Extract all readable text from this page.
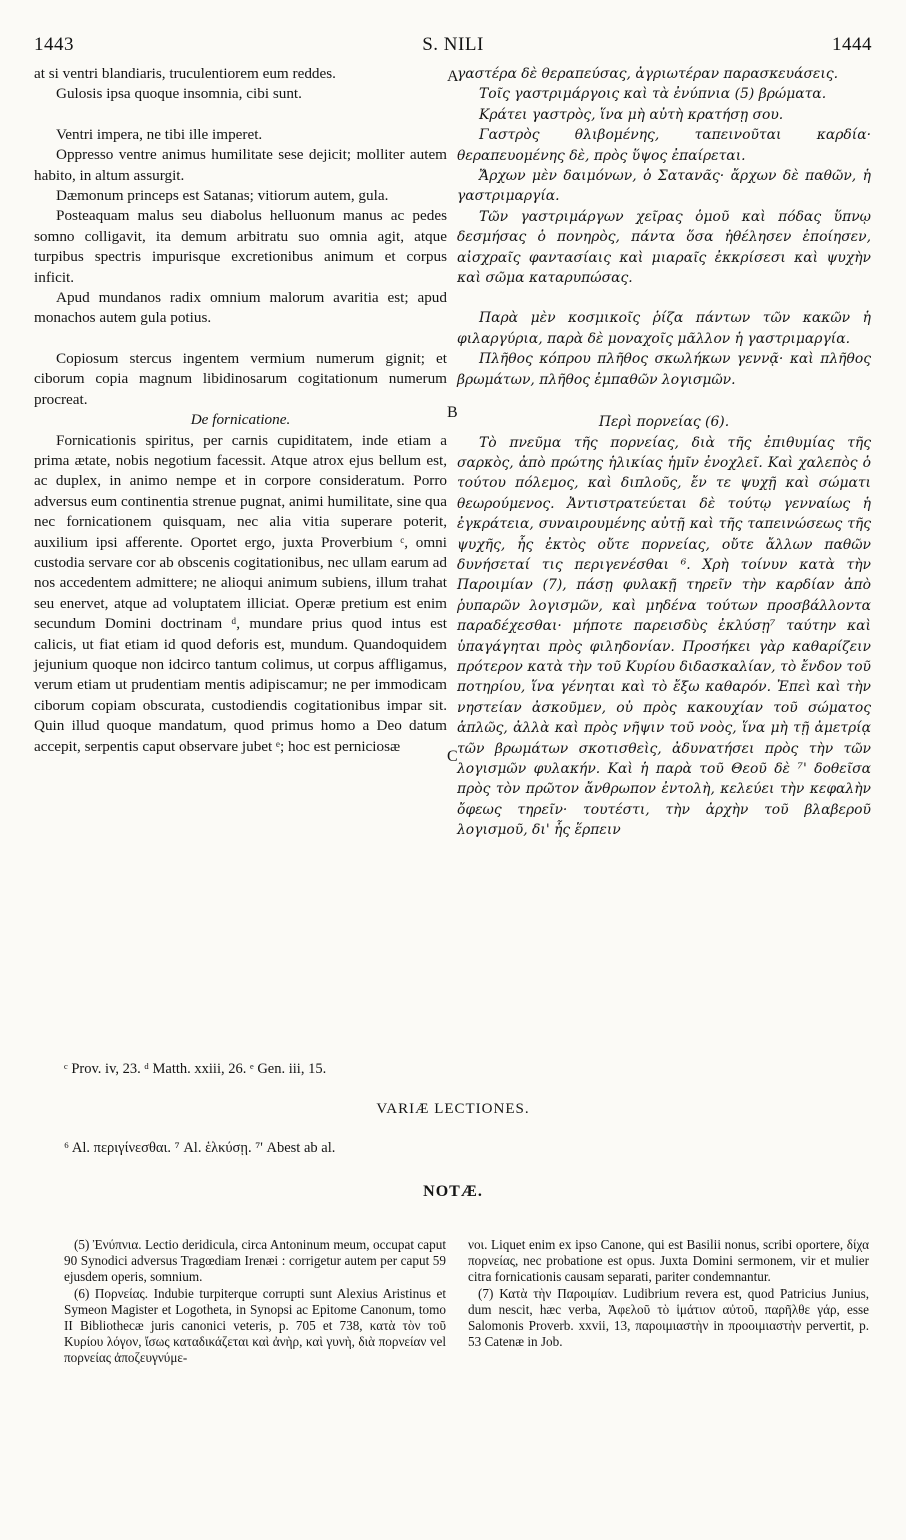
1443	S. NILI	1444
A
B
C

at si ventri blandiaris, truculentiorem eum reddes.

Gulosis ipsa quoque insomnia, cibi sunt.

Ventri impera, ne tibi ille imperet.

Oppresso ventre animus humilitate sese dejicit; molliter autem habito, in altum assurgit.

Dæmonum princeps est Satanas; vitiorum autem, gula.

Posteaquam malus seu diabolus helluonum manus ac pedes somno colligavit, ita demum arbitratu suo omnia agit, atque turpibus spectris impurisque excretionibus animum et corpus inficit.

Apud mundanos radix omnium malorum avaritia est; apud monachos autem gula potius.

Copiosum stercus ingentem vermium numerum gignit; et ciborum copia magnum libidinosarum cogitationum numerum procreat.

De fornicatione.

Fornicationis spiritus, per carnis cupiditatem, inde etiam a prima ætate, nobis negotium facessit. Atque atrox ejus bellum est, ac duplex, in animo nempe et in corpore consideratum. Porro adversus eum continentia strenue pugnat, animi humilitate, sine qua nec fornicationem quisquam, nec alia vitia superare poterit, auxilium ipsi afferente. Oportet ergo, juxta Proverbium ᶜ, omni custodia servare cor ab obscenis cogitationibus, nec ullam earum ad nos accedentem admittere; ne alioqui animum subiens, illum trahat seu enervet, atque ad voluptatem illiciat. Operæ pretium est enim secundum Domini doctrinam ᵈ, mundare prius quod intus est calicis, ut fiat etiam id quod deforis est, mundum. Quandoquidem jejunium quoque non idcirco tantum colimus, ut corpus affligamus, verum etiam ut prudentiam mentis adipiscamur; ne per immodicam ciborum copiam obscurata, custodiendis cogitationibus impar sit. Quin illud quoque mandatum, quod primus homo a Deo datum accepit, serpentis caput observare jubet ᵉ; hoc est perniciosæ

γαστέρα δὲ θεραπεύσας, ἀγριωτέραν παρασκευάσεις.

Τοῖς γαστριμάργοις καὶ τὰ ἐνύπνια (5) βρώματα.

Κράτει γαστρὸς, ἵνα μὴ αὐτὴ κρατήσῃ σου.

Γαστρὸς θλιβομένης, ταπεινοῦται καρδία· θεραπευομένης δὲ, πρὸς ὕψος ἐπαίρεται.

Ἄρχων μὲν δαιμόνων, ὁ Σατανᾶς· ἄρχων δὲ παθῶν, ἡ γαστριμαργία.

Τῶν γαστριμάργων χεῖρας ὁμοῦ καὶ πόδας ὕπνῳ δεσμήσας ὁ πονηρὸς, πάντα ὅσα ἠθέλησεν ἐποίησεν, αἰσχραῖς φαντασίαις καὶ μιαραῖς ἐκκρίσεσι καὶ ψυχὴν καὶ σῶμα καταρυπώσας.

Παρὰ μὲν κοσμικοῖς ῥίζα πάντων τῶν κακῶν ἡ φιλαργύρια, παρὰ δὲ μοναχοῖς μᾶλλον ἡ γαστριμαργία.

Πλῆθος κόπρου πλῆθος σκωλήκων γεννᾷ· καὶ πλῆθος βρωμάτων, πλῆθος ἐμπαθῶν λογισμῶν.

Περὶ πορνείας (6).

Τὸ πνεῦμα τῆς πορνείας, διὰ τῆς ἐπιθυμίας τῆς σαρκὸς, ἀπὸ πρώτης ἡλικίας ἡμῖν ἐνοχλεῖ. Καὶ χαλεπὸς ὁ τούτου πόλεμος, καὶ διπλοῦς, ἔν τε ψυχῇ καὶ σώματι θεωρούμενος. Ἀντιστρατεύεται δὲ τούτῳ γενναίως ἡ ἐγκράτεια, συναιρουμένης αὐτῇ καὶ τῆς ταπεινώσεως τῆς ψυχῆς, ἧς ἐκτὸς οὔτε πορνείας, οὔτε ἄλλων παθῶν δυνήσεταί τις περιγενέσθαι ⁶. Χρὴ τοίνυν κατὰ τὴν Παροιμίαν (7), πάσῃ φυλακῇ τηρεῖν τὴν καρδίαν ἀπὸ ῥυπαρῶν λογισμῶν, καὶ μηδένα τούτων προσβάλλοντα παραδέχεσθαι· μήποτε παρεισδὺς ἐκλύσῃ⁷ ταύτην καὶ ὑπαγάγηται πρὸς φιληδονίαν. Προσήκει γὰρ καθαρίζειν πρότερον κατὰ τὴν τοῦ Κυρίου διδασκαλίαν, τὸ ἔνδον τοῦ ποτηρίου, ἵνα γένηται καὶ τὸ ἔξω καθαρόν. Ἐπεὶ καὶ τὴν νηστείαν ἀσκοῦμεν, οὐ πρὸς κακουχίαν τοῦ σώματος ἁπλῶς, ἀλλὰ καὶ πρὸς νῆψιν τοῦ νοὸς, ἵνα μὴ τῇ ἀμετρίᾳ τῶν βρωμάτων σκοτισθεὶς, ἀδυνατήσει πρὸς τὴν τῶν λογισμῶν φυλακήν. Καὶ ἡ παρὰ τοῦ Θεοῦ δὲ ⁷' δοθεῖσα πρὸς τὸν πρῶτον ἄνθρωπον ἐντολὴ, κελεύει τὴν κεφαλὴν ὄφεως τηρεῖν· τουτέστι, τὴν ἀρχὴν τοῦ βλαβεροῦ λογισμοῦ, δι' ἧς ἕρπειν

ᶜ Prov. iv, 23. ᵈ Matth. xxiii, 26. ᵉ Gen. iii, 15.
VARIÆ LECTIONES.
⁶ Al. περιγίνεσθαι. ⁷ Al. ἑλκύσῃ. ⁷' Abest ab al.
NOTÆ.

(5) Ἐνύπνια. Lectio deridicula, circa Antoninum meum, occupat caput 90 Synodici adversus Tragœdiam Irenæi : corrigetur autem per caput 59 ejusdem operis, somnium.

(6) Πορνείας. Indubie turpiterque corrupti sunt Alexius Aristinus et Symeon Magister et Logotheta, in Synopsi ac Epitome Canonum, tomo II Bibliothecæ juris canonici veteris, p. 705 et 738, κατὰ τὸν τοῦ Κυρίου λόγον, ἴσως καταδικάζεται καὶ ἀνὴρ, καὶ γυνὴ, διὰ πορνείαν vel πορνείας ἀποζευγνύμε-

νοι. Liquet enim ex ipso Canone, qui est Basilii nonus, scribi oportere, δίχα πορνείας, nec probatione est opus. Juxta Domini sermonem, vir et mulier citra fornicationis causam separati, pariter condemnantur.

(7) Κατὰ τὴν Παροιμίαν. Ludibrium revera est, quod Patricius Junius, dum nescit, hæc verba, Ἀφελοῦ τὸ ἱμάτιον αὐτοῦ, παρῆλθε γάρ, esse Salomonis Proverb. xxvii, 13, παροιμιαστὴν in προοιμιαστὴν pervertit, p. 53 Catenæ in Job.
